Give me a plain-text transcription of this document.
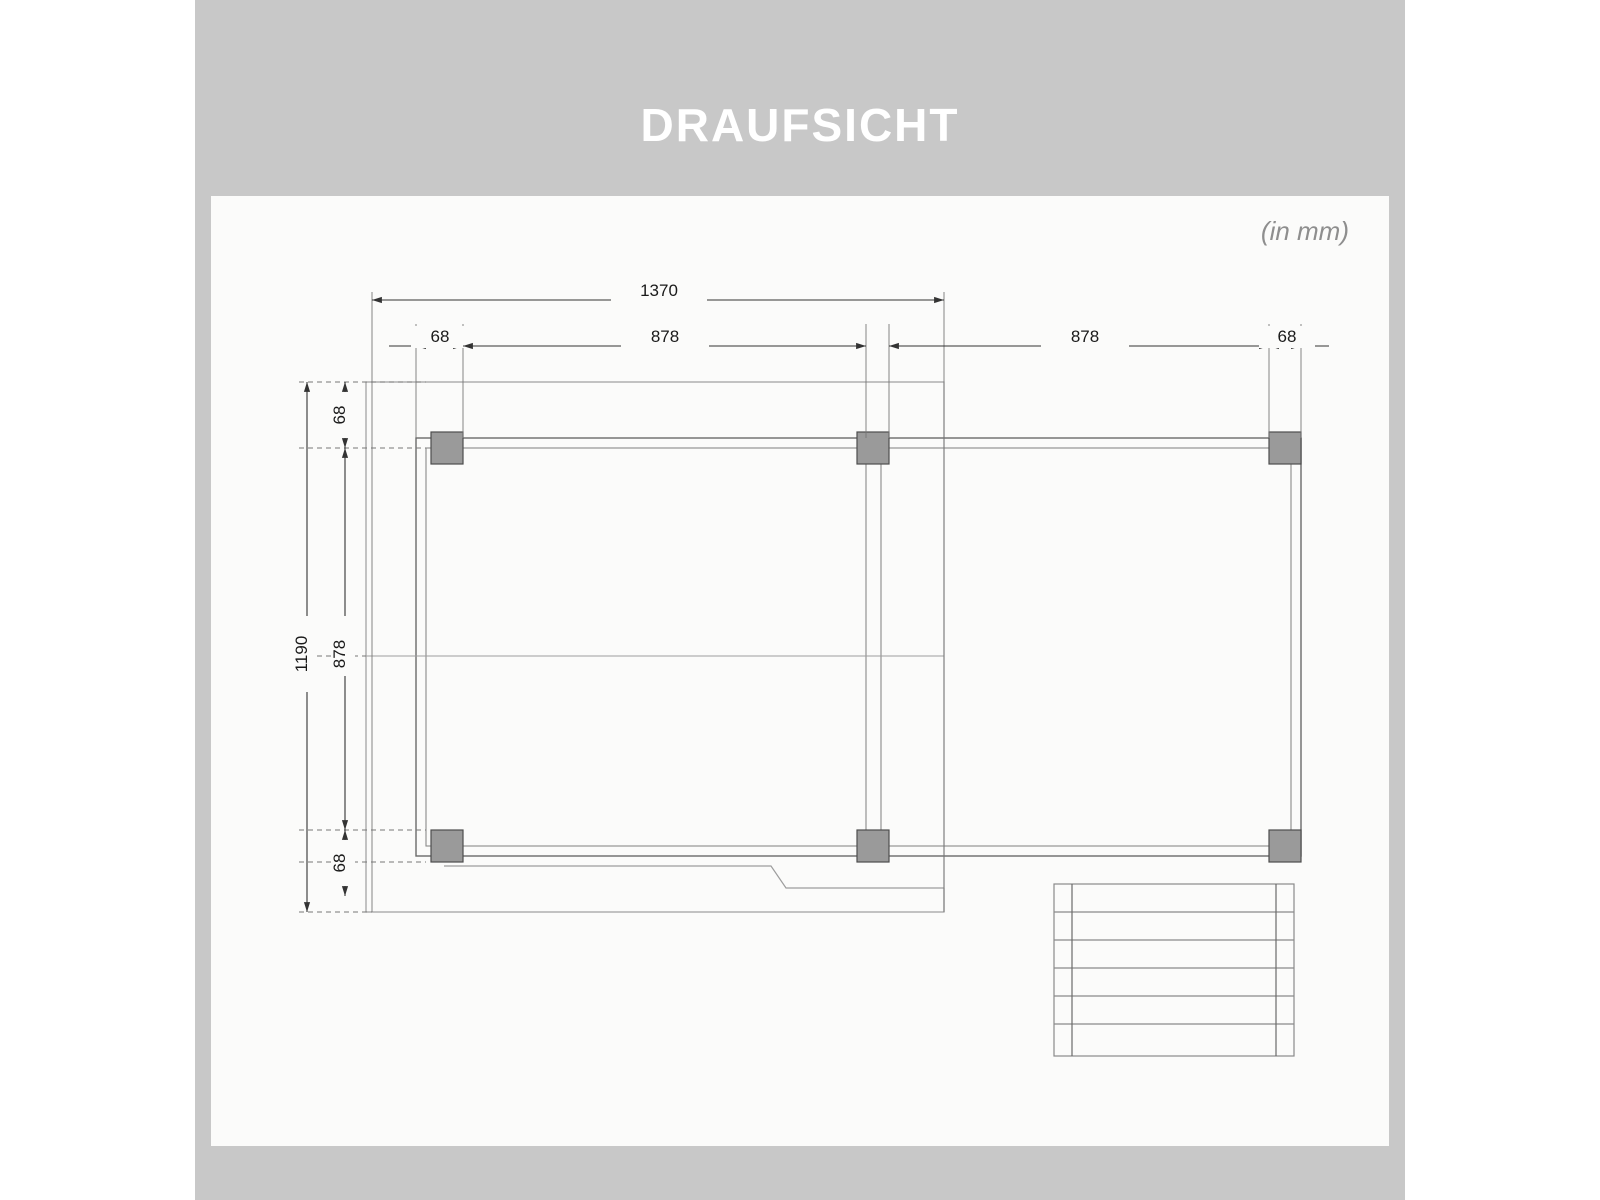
DRAUFSICHT
(in mm)
1370
68	878	878	68
1190
68
878
68
